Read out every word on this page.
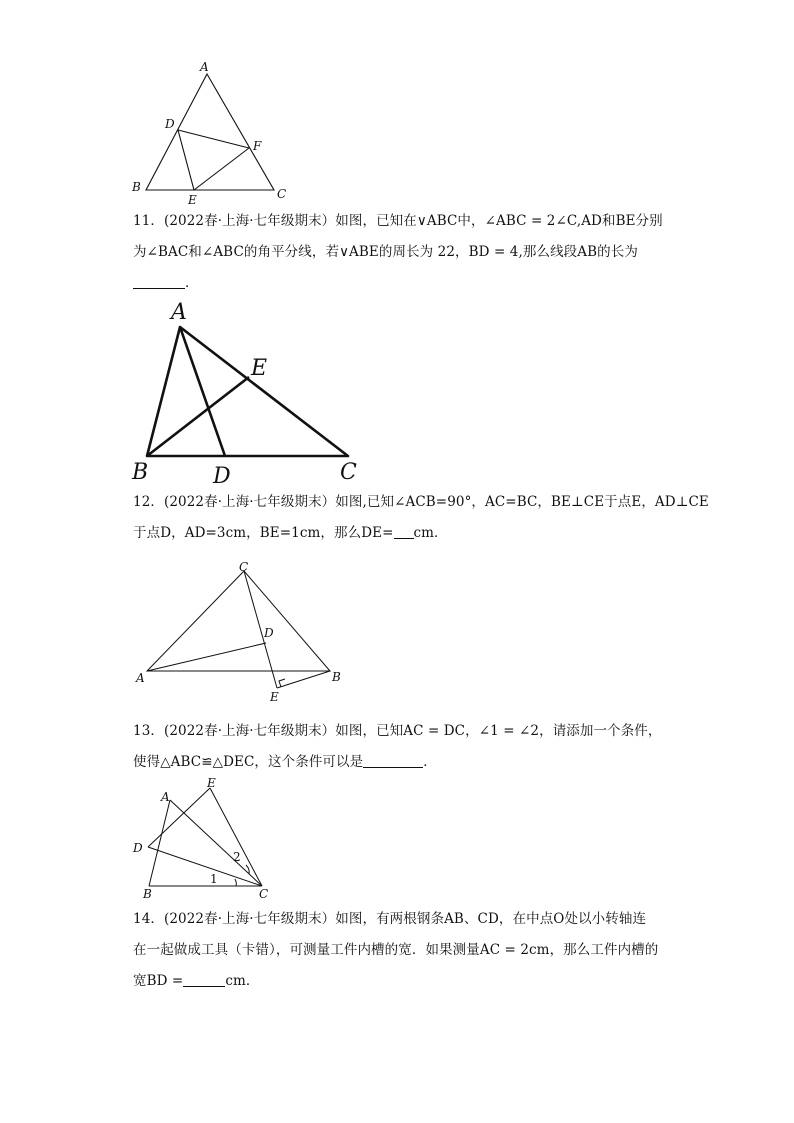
A
B	C
D
E
F
11．(2022春·上海·七年级期末）如图，已知在∨ABC中，∠ABC = 2∠C,AD和BE分别
为∠BAC和∠ABC的角平分线，若∨ABE的周长为 22，BD = 4,那么线段AB的长为
．
A
E
B	D	C
12．(2022春·上海·七年级期末）如图,已知∠ACB=90°，AC=BC，BE⊥CE于点E，AD⊥CE
于点D，AD=3cm，BE=1cm，那么DE= cm．
C
D
A	B
E
13．(2022春·上海·七年级期末）如图，已知AC = DC，∠1 = ∠2，请添加一个条件，
使得△ABC≌△DEC，这个条件可以是	．
A
E
D
B	C
1
2
14．(2022春·上海·七年级期末）如图，有两根钢条AB、CD，在中点O处以小转轴连
在一起做成工具（卡错），可测量工件内槽的宽．如果测量AC = 2cm，那么工件内槽的
宽BD =	cm．
